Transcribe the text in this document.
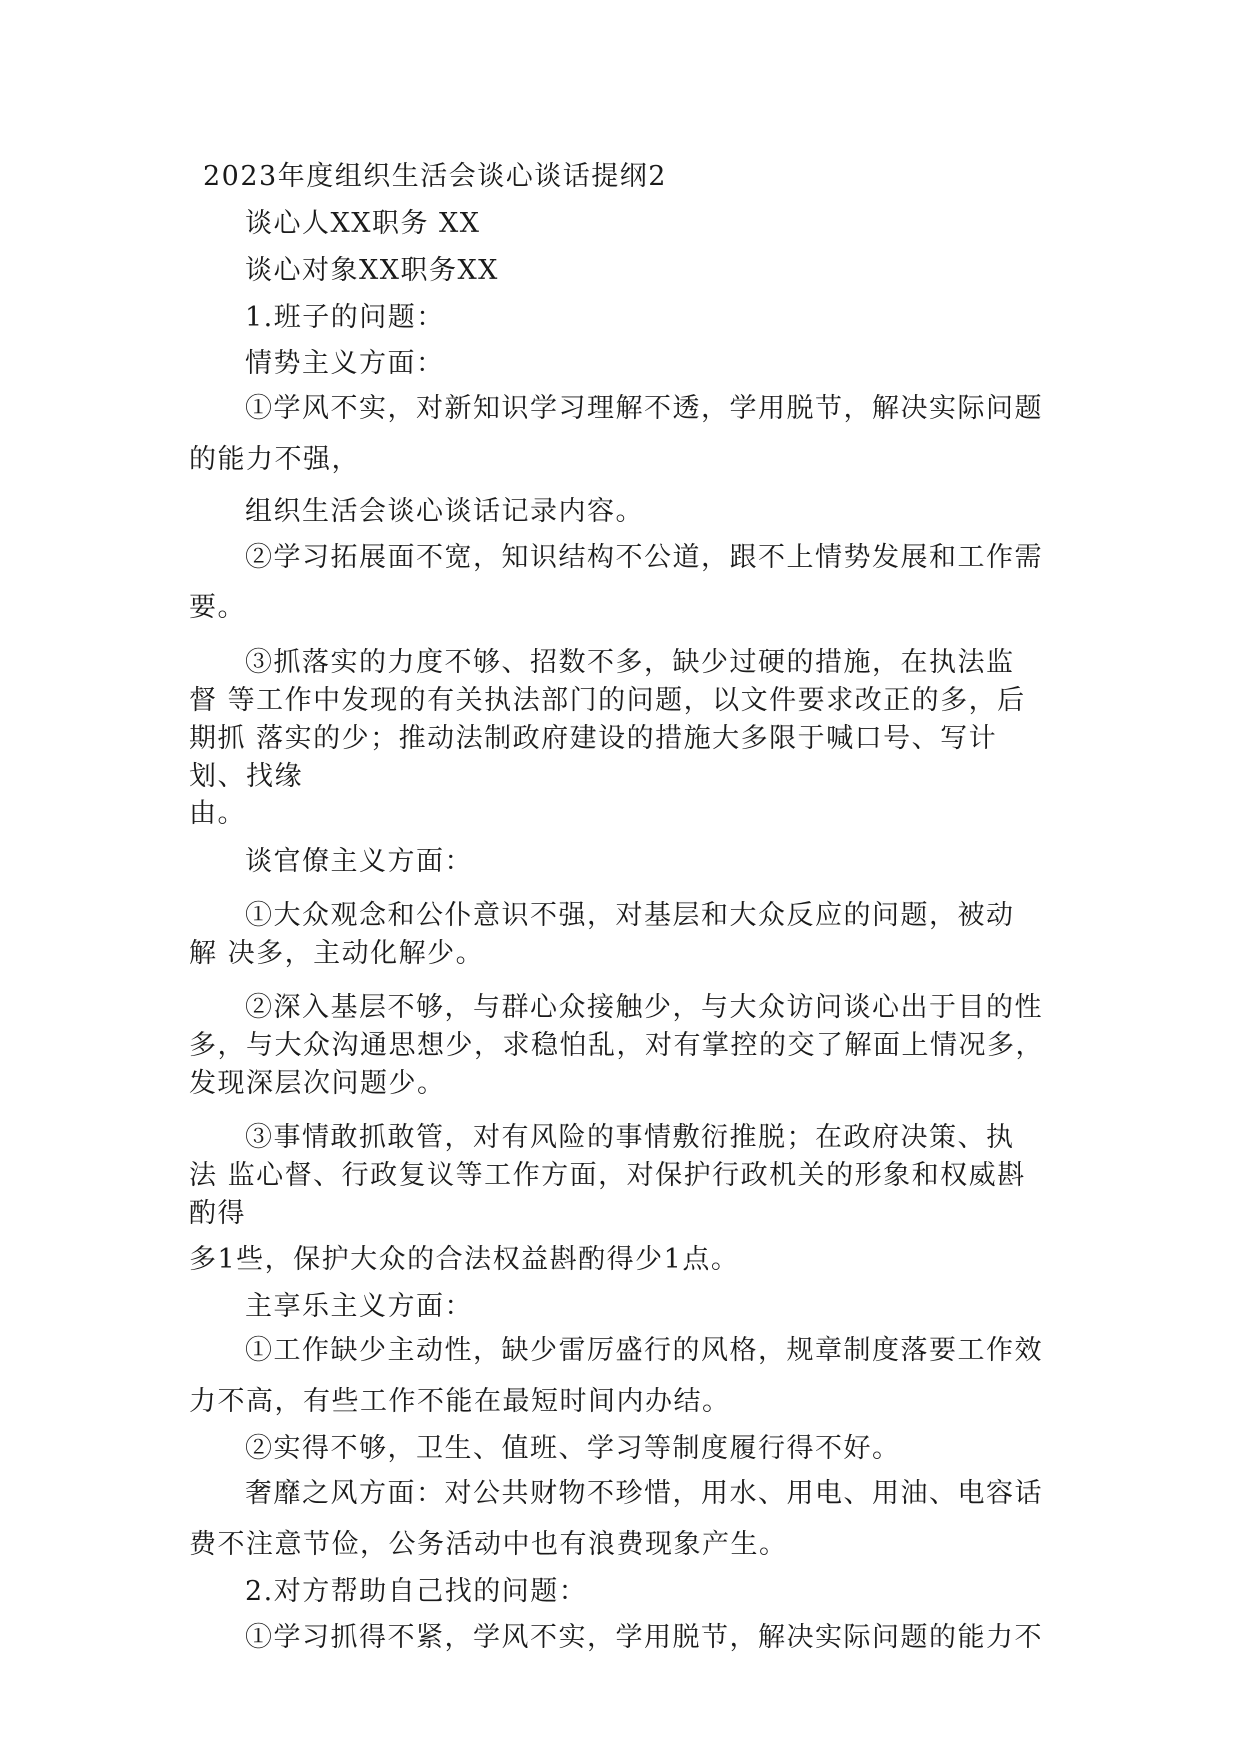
2023年度组织生活会谈心谈话提纲2
谈心人XX职务 XX
谈心对象XX职务XX
1.班子的问题：
情势主义方面：
①学风不实，对新知识学习理解不透，学用脱节，解决实际问题
的能力不强，
组织生活会谈心谈话记录内容。
②学习拓展面不宽，知识结构不公道，跟不上情势发展和工作需
要。
③抓落实的力度不够、招数不多，缺少过硬的措施，在执法监
督 等工作中发现的有关执法部门的问题，以文件要求改正的多，后
期抓 落实的少；推动法制政府建设的措施大多限于喊口号、写计
划、找缘
由。
谈官僚主义方面：
①大众观念和公仆意识不强，对基层和大众反应的问题，被动
解 决多，主动化解少。
②深入基层不够，与群心众接触少，与大众访问谈心出于目的性
多，与大众沟通思想少，求稳怕乱，对有掌控的交了解面上情况多，
发现深层次问题少。
③事情敢抓敢管，对有风险的事情敷衍推脱；在政府决策、执
法 监心督、行政复议等工作方面，对保护行政机关的形象和权威斟
酌得
多1些，保护大众的合法权益斟酌得少1点。
主享乐主义方面：
①工作缺少主动性，缺少雷厉盛行的风格，规章制度落要工作效
力不高，有些工作不能在最短时间内办结。
②实得不够，卫生、值班、学习等制度履行得不好。
奢靡之风方面：对公共财物不珍惜，用水、用电、用油、电容话
费不注意节俭，公务活动中也有浪费现象产生。
2.对方帮助自己找的问题：
①学习抓得不紧，学风不实，学用脱节，解决实际问题的能力不
